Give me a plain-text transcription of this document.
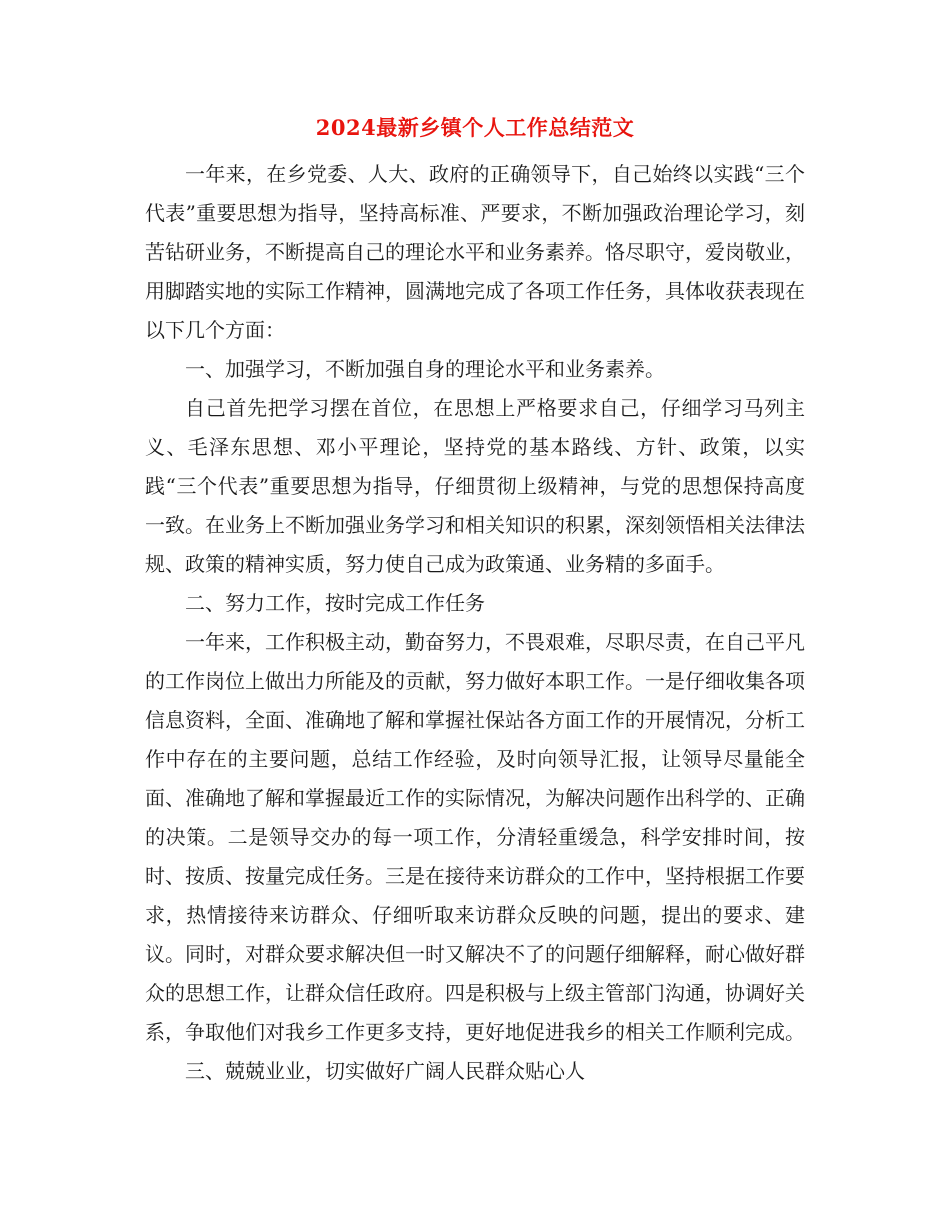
2024最新乡镇个人工作总结范文

一年来，在乡党委、人大、政府的正确领导下，自己始终以实践“三个代表”重要思想为指导，坚持高标准、严要求，不断加强政治理论学习，刻苦钻研业务，不断提高自己的理论水平和业务素养。恪尽职守，爱岗敬业，用脚踏实地的实际工作精神，圆满地完成了各项工作任务，具体收获表现在以下几个方面：

一、加强学习，不断加强自身的理论水平和业务素养。

自己首先把学习摆在首位，在思想上严格要求自己，仔细学习马列主义、毛泽东思想、邓小平理论，坚持党的基本路线、方针、政策，以实践“三个代表”重要思想为指导，仔细贯彻上级精神，与党的思想保持高度一致。在业务上不断加强业务学习和相关知识的积累，深刻领悟相关法律法规、政策的精神实质，努力使自己成为政策通、业务精的多面手。

二、努力工作，按时完成工作任务

一年来，工作积极主动，勤奋努力，不畏艰难，尽职尽责，在自己平凡的工作岗位上做出力所能及的贡献，努力做好本职工作。一是仔细收集各项信息资料，全面、准确地了解和掌握社保站各方面工作的开展情况，分析工作中存在的主要问题，总结工作经验，及时向领导汇报，让领导尽量能全面、准确地了解和掌握最近工作的实际情况，为解决问题作出科学的、正确的决策。二是领导交办的每一项工作，分清轻重缓急，科学安排时间，按时、按质、按量完成任务。三是在接待来访群众的工作中，坚持根据工作要求，热情接待来访群众、仔细听取来访群众反映的问题，提出的要求、建议。同时，对群众要求解决但一时又解决不了的问题仔细解释，耐心做好群众的思想工作，让群众信任政府。四是积极与上级主管部门沟通，协调好关系，争取他们对我乡工作更多支持，更好地促进我乡的相关工作顺利完成。

三、兢兢业业，切实做好广阔人民群众贴心人
